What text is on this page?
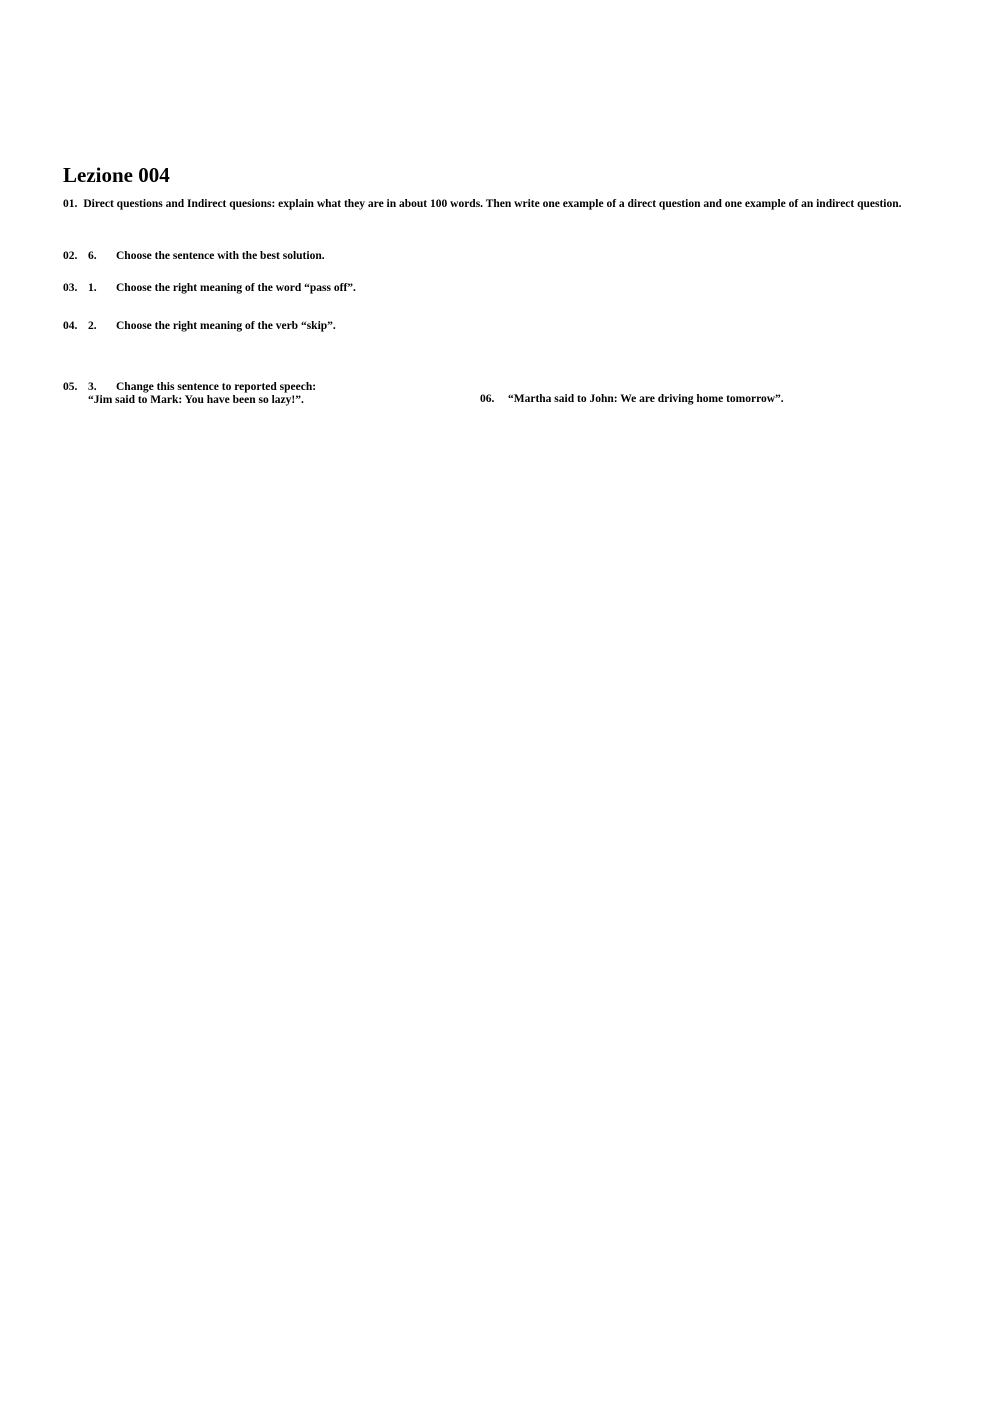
Lezione 004
01. Direct questions and Indirect quesions: explain what they are in about 100 words. Then write one example of a direct question and one example of an indirect question.
02. 6. Choose the sentence with the best solution.
03. 1. Choose the right meaning of the word “pass off”.
04. 2. Choose the right meaning of the verb “skip”.
05. 3. Change this sentence to reported speech:
“Jim said to Mark: You have been so lazy!”.	06. “Martha said to John: We are driving home tomorrow”.
